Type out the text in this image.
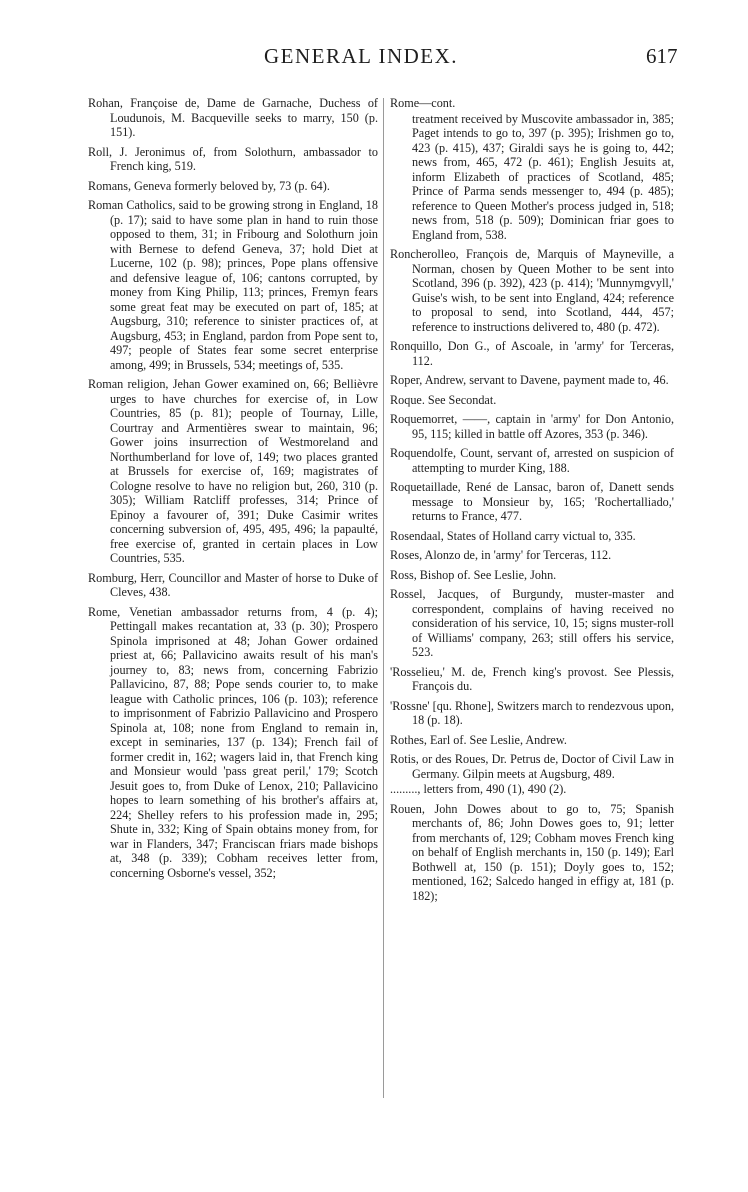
GENERAL INDEX.	617

Rohan, Françoise de, Dame de Garnache, Duchess of Loudunois, M. Bacqueville seeks to marry, 150 (p. 151).

Roll, J. Jeronimus of, from Solothurn, ambassador to French king, 519.

Romans, Geneva formerly beloved by, 73 (p. 64).

Roman Catholics, said to be growing strong in England, 18 (p. 17); said to have some plan in hand to ruin those opposed to them, 31; in Fribourg and Solothurn join with Bernese to defend Geneva, 37; hold Diet at Lucerne, 102 (p. 98); princes, Pope plans offensive and defensive league of, 106; cantons corrupted, by money from King Philip, 113; princes, Fremyn fears some great feat may be executed on part of, 185; at Augsburg, 310; reference to sinister practices of, at Augsburg, 453; in England, pardon from Pope sent to, 497; people of States fear some secret enterprise among, 499; in Brussels, 534; meetings of, 535.

Roman religion, Jehan Gower examined on, 66; Bellièvre urges to have churches for exercise of, in Low Countries, 85 (p. 81); people of Tournay, Lille, Courtray and Armentières swear to maintain, 96; Gower joins insurrection of Westmoreland and Northumberland for love of, 149; two places granted at Brussels for exercise of, 169; magistrates of Cologne resolve to have no religion but, 260, 310 (p. 305); William Ratcliff professes, 314; Prince of Epinoy a favourer of, 391; Duke Casimir writes concerning subversion of, 495, 495, 496; la papaulté, free exercise of, granted in certain places in Low Countries, 535.

Romburg, Herr, Councillor and Master of horse to Duke of Cleves, 438.

Rome, Venetian ambassador returns from, 4 (p. 4); Pettingall makes recantation at, 33 (p. 30); Prospero Spinola imprisoned at 48; Johan Gower ordained priest at, 66; Pallavicino awaits result of his man's journey to, 83; news from, concerning Fabrizio Pallavicino, 87, 88; Pope sends courier to, to make league with Catholic princes, 106 (p. 103); reference to imprisonment of Fabrizio Pallavicino and Prospero Spinola at, 108; none from England to remain in, except in seminaries, 137 (p. 134); French fail of former credit in, 162; wagers laid in, that French king and Monsieur would 'pass great peril,' 179; Scotch Jesuit goes to, from Duke of Lenox, 210; Pallavicino hopes to learn something of his brother's affairs at, 224; Shelley refers to his profession made in, 295; Shute in, 332; King of Spain obtains money from, for war in Flanders, 347; Franciscan friars made bishops at, 348 (p. 339); Cobham receives letter from, concerning Osborne's vessel, 352;

Rome—cont.

treatment received by Muscovite ambassador in, 385; Paget intends to go to, 397 (p. 395); Irishmen go to, 423 (p. 415), 437; Giraldi says he is going to, 442; news from, 465, 472 (p. 461); English Jesuits at, inform Elizabeth of practices of Scotland, 485; Prince of Parma sends messenger to, 494 (p. 485); reference to Queen Mother's process judged in, 518; news from, 518 (p. 509); Dominican friar goes to England from, 538.

Roncherolleo, François de, Marquis of Mayneville, a Norman, chosen by Queen Mother to be sent into Scotland, 396 (p. 392), 423 (p. 414); 'Munnymgvyll,' Guise's wish, to be sent into England, 424; reference to proposal to send, into Scotland, 444, 457; reference to instructions delivered to, 480 (p. 472).

Ronquillo, Don G., of Ascoale, in 'army' for Terceras, 112.

Roper, Andrew, servant to Davene, payment made to, 46.

Roque. See Secondat.

Roquemorret, ——, captain in 'army' for Don Antonio, 95, 115; killed in battle off Azores, 353 (p. 346).

Roquendolfe, Count, servant of, arrested on suspicion of attempting to murder King, 188.

Roquetaillade, René de Lansac, baron of, Danett sends message to Monsieur by, 165; 'Rochertalliado,' returns to France, 477.

Rosendaal, States of Holland carry victual to, 335.

Roses, Alonzo de, in 'army' for Terceras, 112.

Ross, Bishop of. See Leslie, John.

Rossel, Jacques, of Burgundy, muster-master and correspondent, complains of having received no consideration of his service, 10, 15; signs muster-roll of Williams' company, 263; still offers his service, 523.

'Rosselieu,' M. de, French king's provost. See Plessis, François du.

'Rossne' [qu. Rhone], Switzers march to rendezvous upon, 18 (p. 18).

Rothes, Earl of. See Leslie, Andrew.

Rotis, or des Roues, Dr. Petrus de, Doctor of Civil Law in Germany. Gilpin meets at Augsburg, 489.

........., letters from, 490 (1), 490 (2).

Rouen, John Dowes about to go to, 75; Spanish merchants of, 86; John Dowes goes to, 91; letter from merchants of, 129; Cobham moves French king on behalf of English merchants in, 150 (p. 149); Earl Bothwell at, 150 (p. 151); Doyly goes to, 152; mentioned, 162; Salcedo hanged in effigy at, 181 (p. 182);
